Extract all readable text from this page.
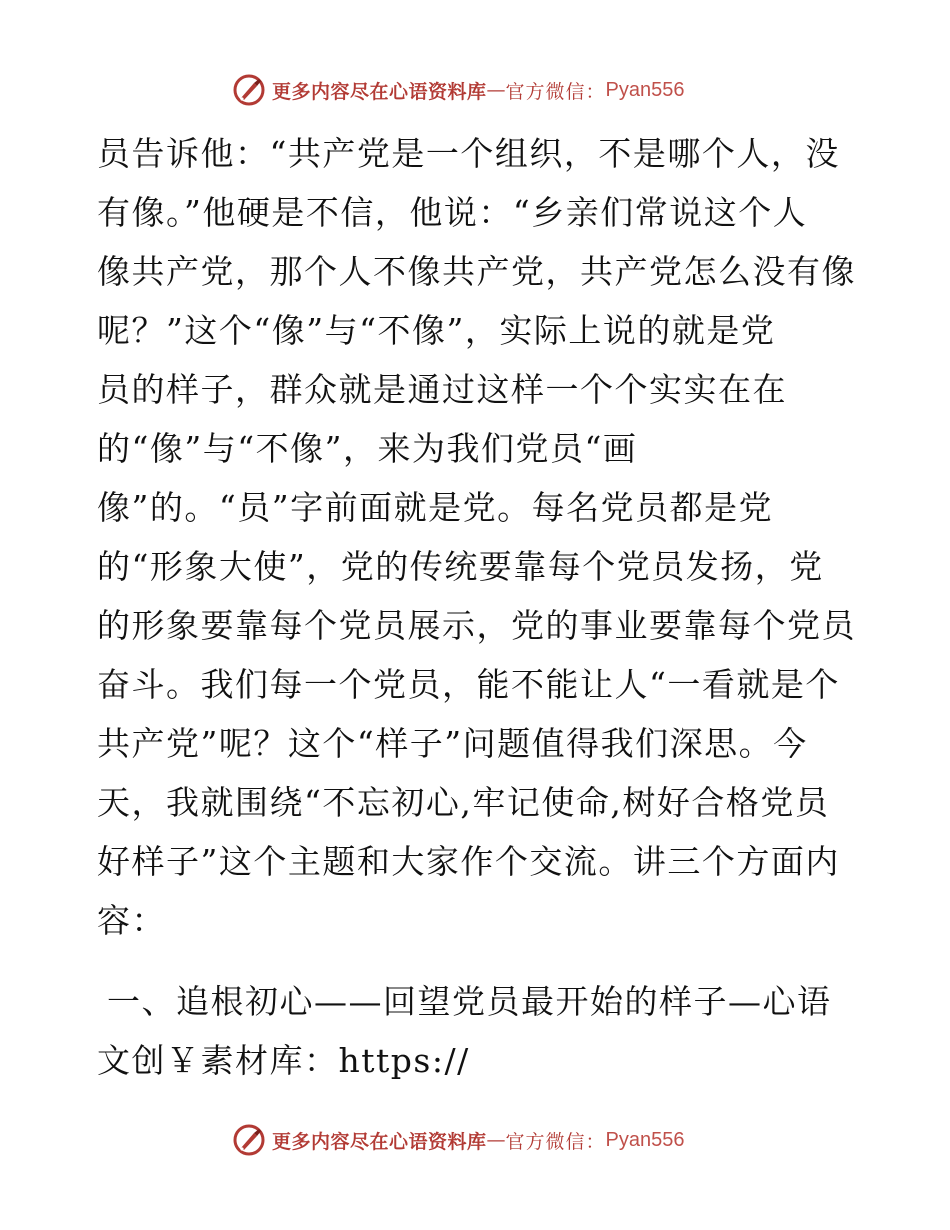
更多内容尽在心语资料库 — 官方微信： Pyan556
员告诉他：“共产党是一个组织，不是哪个人，没
有像。”他硬是不信，他说：“乡亲们常说这个人
像共产党，那个人不像共产党，共产党怎么没有像
呢？”这个“像”与“不像”，实际上说的就是党
员的样子，群众就是通过这样一个个实实在在
的“像”与“不像”，来为我们党员“画
像”的。“员”字前面就是党。每名党员都是党
的“形象大使”，党的传统要靠每个党员发扬，党
的形象要靠每个党员展示，党的事业要靠每个党员
奋斗。我们每一个党员，能不能让人“一看就是个
共产党”呢？这个“样子”问题值得我们深思。今
天，我就围绕“不忘初心,牢记使命,树好合格党员
好样子”这个主题和大家作个交流。讲三个方面内
容：
一、追根初心——回望党员最开始的样子—心语
文创￥素材库：https://
更多内容尽在心语资料库 — 官方微信： Pyan556
